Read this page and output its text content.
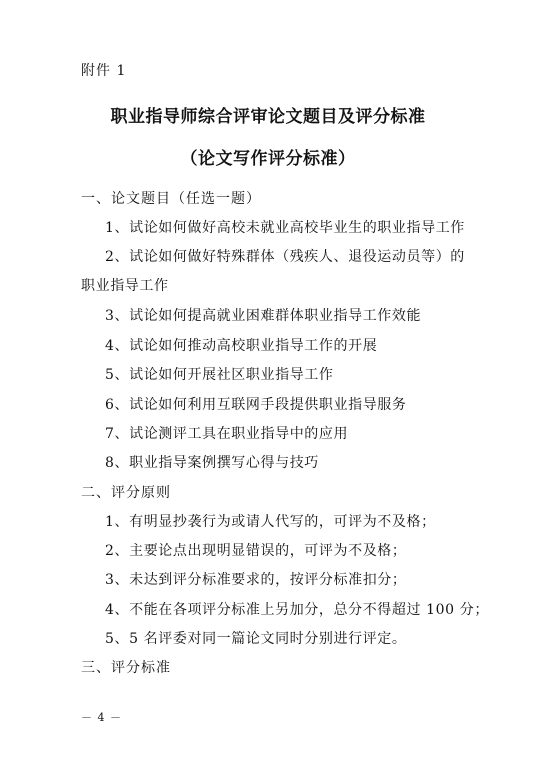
附件 1
职业指导师综合评审论文题目及评分标准
（论文写作评分标准）
一、论文题目（任选一题）
1、试论如何做好高校未就业高校毕业生的职业指导工作
2、试论如何做好特殊群体（残疾人、退役运动员等）的
职业指导工作
3、试论如何提高就业困难群体职业指导工作效能
4、试论如何推动高校职业指导工作的开展
5、试论如何开展社区职业指导工作
6、试论如何利用互联网手段提供职业指导服务
7、试论测评工具在职业指导中的应用
8、职业指导案例撰写心得与技巧
二、评分原则
1、有明显抄袭行为或请人代写的，可评为不及格；
2、主要论点出现明显错误的，可评为不及格；
3、未达到评分标准要求的，按评分标准扣分；
4、不能在各项评分标准上另加分，总分不得超过 100 分；
5、5 名评委对同一篇论文同时分别进行评定。
三、评分标准
－ 4 －
